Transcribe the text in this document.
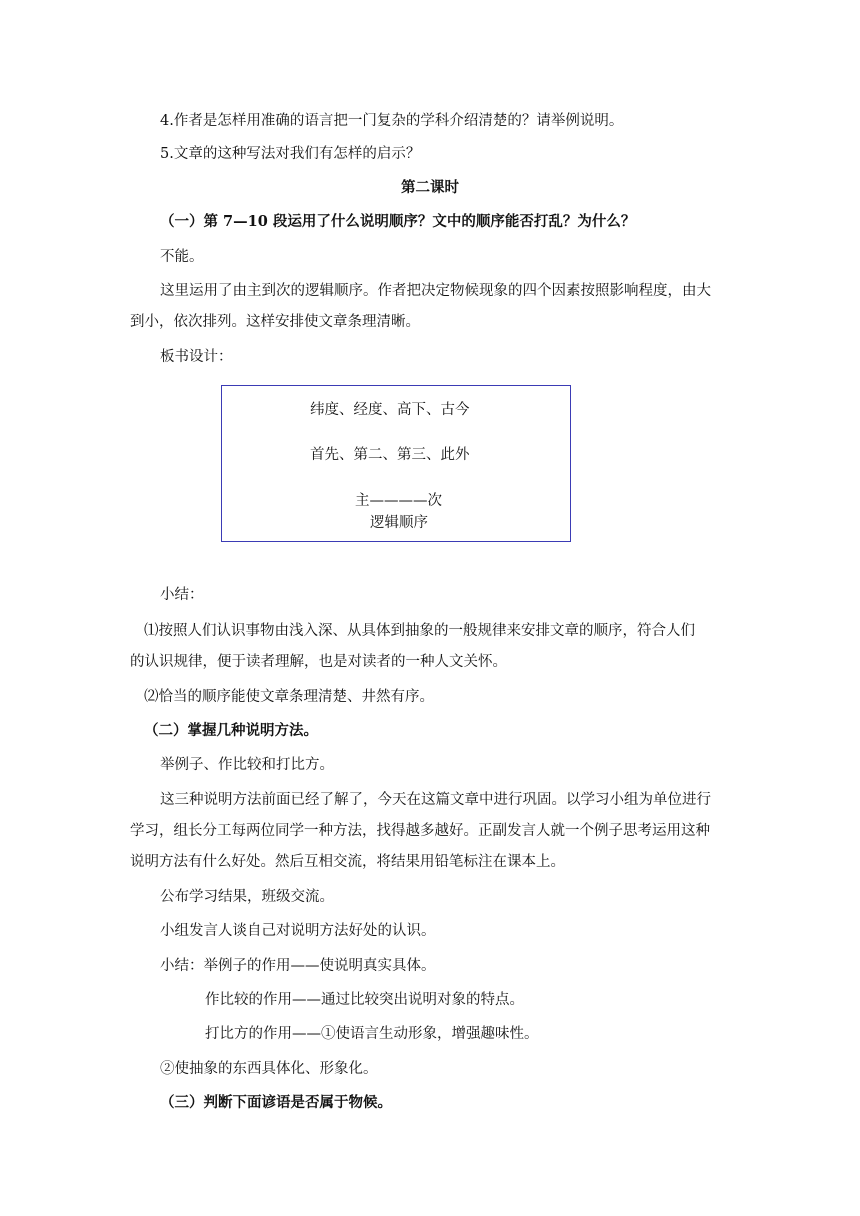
4.作者是怎样用准确的语言把一门复杂的学科介绍清楚的？请举例说明。
5.文章的这种写法对我们有怎样的启示？
第二课时
（一）第 7—10 段运用了什么说明顺序？文中的顺序能否打乱？为什么？
不能。
这里运用了由主到次的逻辑顺序。作者把决定物候现象的四个因素按照影响程度，由大
到小，依次排列。这样安排使文章条理清晰。
板书设计：
纬度、经度、高下、古今
首先、第二、第三、此外
主————次
逻辑顺序
小结：
⑴按照人们认识事物由浅入深、从具体到抽象的一般规律来安排文章的顺序，符合人们
的认识规律，便于读者理解，也是对读者的一种人文关怀。
⑵恰当的顺序能使文章条理清楚、井然有序。
（二）掌握几种说明方法。
举例子、作比较和打比方。
这三种说明方法前面已经了解了，今天在这篇文章中进行巩固。以学习小组为单位进行
学习，组长分工每两位同学一种方法，找得越多越好。正副发言人就一个例子思考运用这种
说明方法有什么好处。然后互相交流，将结果用铅笔标注在课本上。
公布学习结果，班级交流。
小组发言人谈自己对说明方法好处的认识。
小结：举例子的作用——使说明真实具体。
作比较的作用——通过比较突出说明对象的特点。
打比方的作用——①使语言生动形象，增强趣味性。
②使抽象的东西具体化、形象化。
（三）判断下面谚语是否属于物候。
